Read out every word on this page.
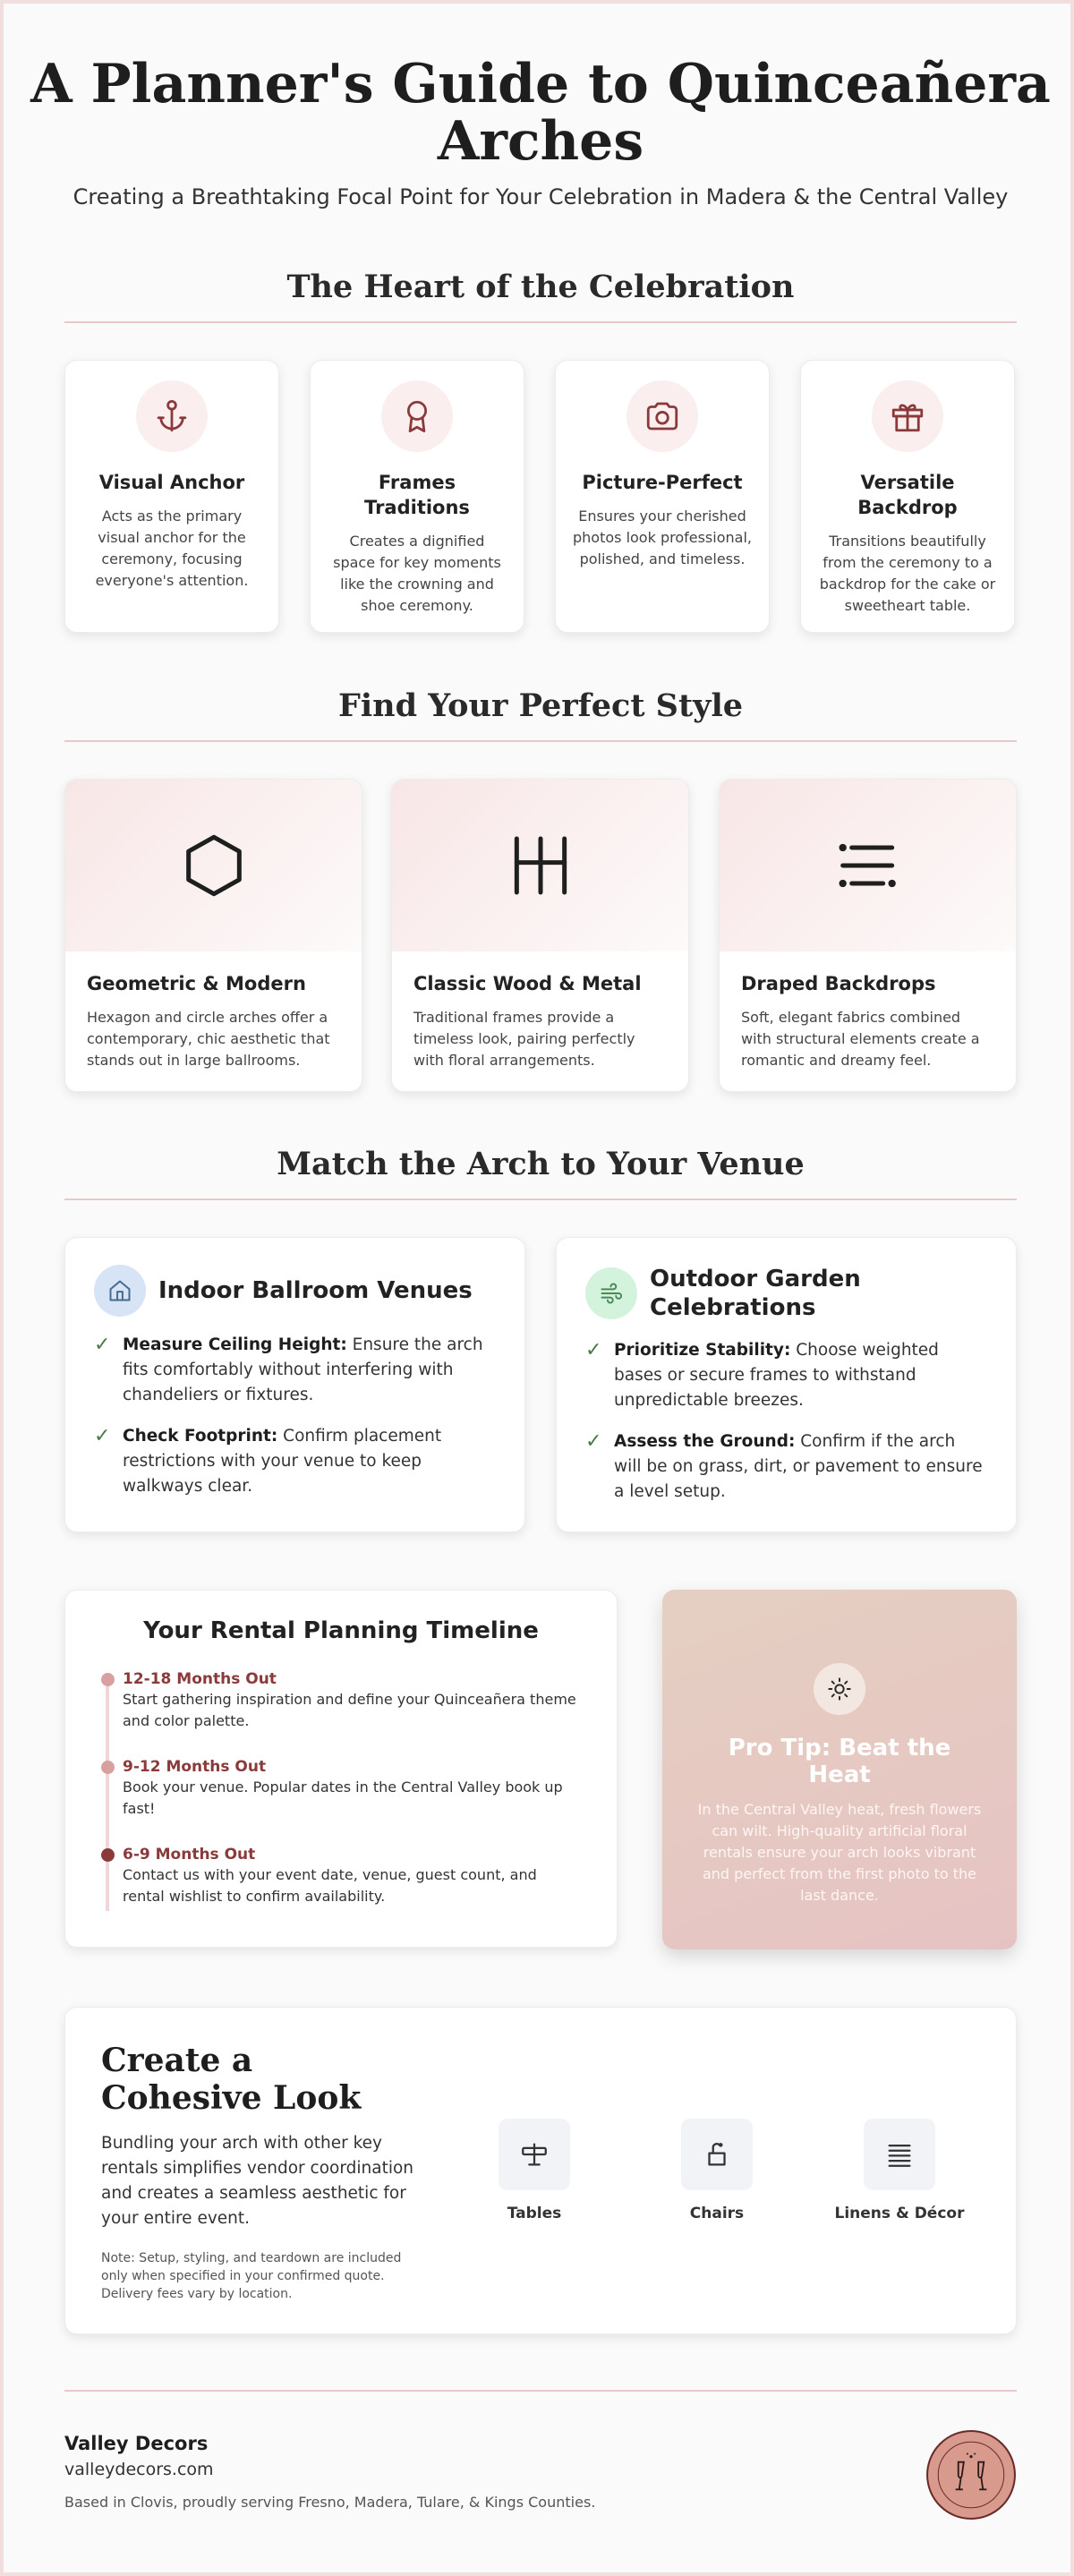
A Planner's Guide to Quinceañera
Arches

Creating a Breathtaking Focal Point for Your Celebration in Madera & the Central Valley

The Heart of the Celebration
Visual Anchor

Acts as the primary visual anchor for the ceremony, focusing everyone's attention.

Frames Traditions

Creates a dignified space for key moments like the crowning and shoe ceremony.

Picture-Perfect

Ensures your cherished photos look professional, polished, and timeless.

Versatile Backdrop

Transitions beautifully from the ceremony to a backdrop for the cake or sweetheart table.

Find Your Perfect Style
Geometric & Modern

Hexagon and circle arches offer a contemporary, chic aesthetic that stands out in large ballrooms.

Classic Wood & Metal

Traditional frames provide a timeless look, pairing perfectly with floral arrangements.

Draped Backdrops

Soft, elegant fabrics combined with structural elements create a romantic and dreamy feel.

Match the Arch to Your Venue
Indoor Ballroom Venues
✓ Measure Ceiling Height: Ensure the arch fits comfortably without interfering with chandeliers or fixtures.

✓ Check Footprint: Confirm placement restrictions with your venue to keep walkways clear.

Outdoor Garden Celebrations
✓ Prioritize Stability: Choose weighted bases or secure frames to withstand unpredictable breezes.

✓ Assess the Ground: Confirm if the arch will be on grass, dirt, or pavement to ensure a level setup.

Your Rental Planning Timeline
12-18 Months Out

Start gathering inspiration and define your Quinceañera theme and color palette.

9-12 Months Out

Book your venue. Popular dates in the Central Valley book up fast!

6-9 Months Out

Contact us with your event date, venue, guest count, and rental wishlist to confirm availability.

Pro Tip: Beat the Heat

In the Central Valley heat, fresh flowers can wilt. High-quality artificial floral rentals ensure your arch looks vibrant and perfect from the first photo to the last dance.

Create a Cohesive Look

Bundling your arch with other key rentals simplifies vendor coordination and creates a seamless aesthetic for your entire event.

Note: Setup, styling, and teardown are included only when specified in your confirmed quote. Delivery fees vary by location.

Tables	Chairs	Linens & Décor
Valley Decors
valleydecors.com
Based in Clovis, proudly serving Fresno, Madera, Tulare, & Kings Counties.
